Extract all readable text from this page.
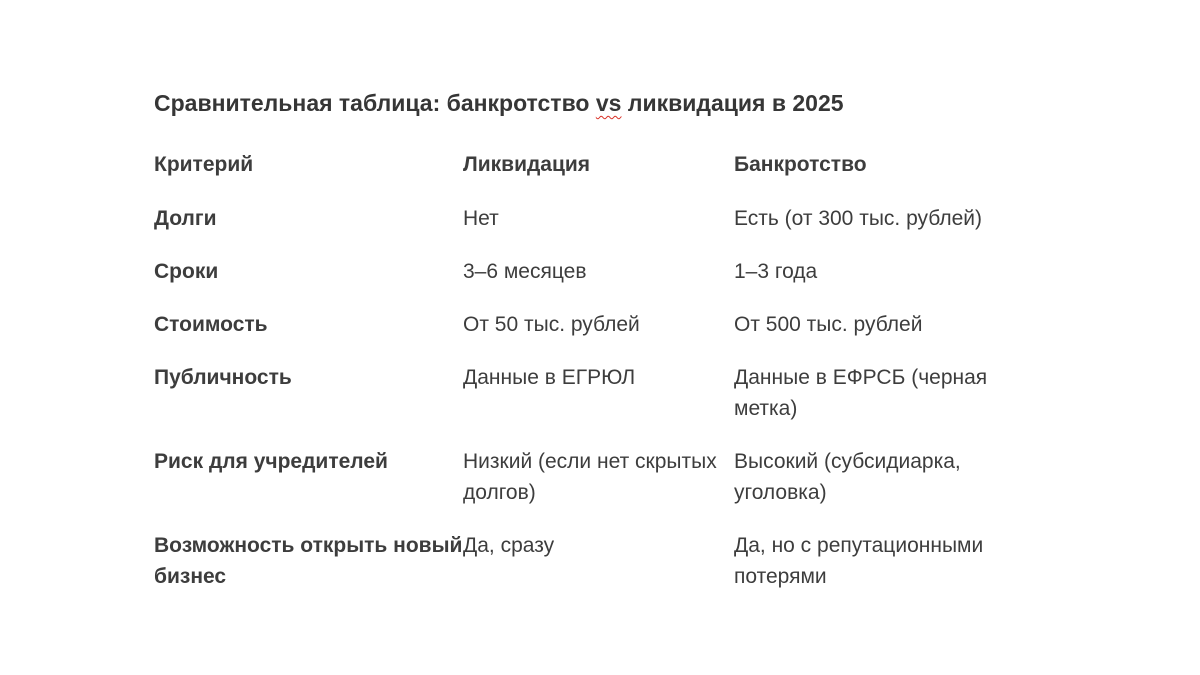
Сравнительная таблица: банкротство vs ликвидация в 2025
Критерий	Ликвидация	Банкротство
Долги	Нет	Есть (от 300 тыс. рублей)
Сроки	3–6 месяцев	1–3 года
Стоимость	От 50 тыс. рублей	От 500 тыс. рублей
Публичность	Данные в ЕГРЮЛ	Данные в ЕФРСБ (черная метка)
Риск для учредителей	Низкий (если нет скрытых долгов)	Высокий (субсидиарка, уголовка)
Возможность открыть новый бизнес	Да, сразу	Да, но с репутационными потерями
